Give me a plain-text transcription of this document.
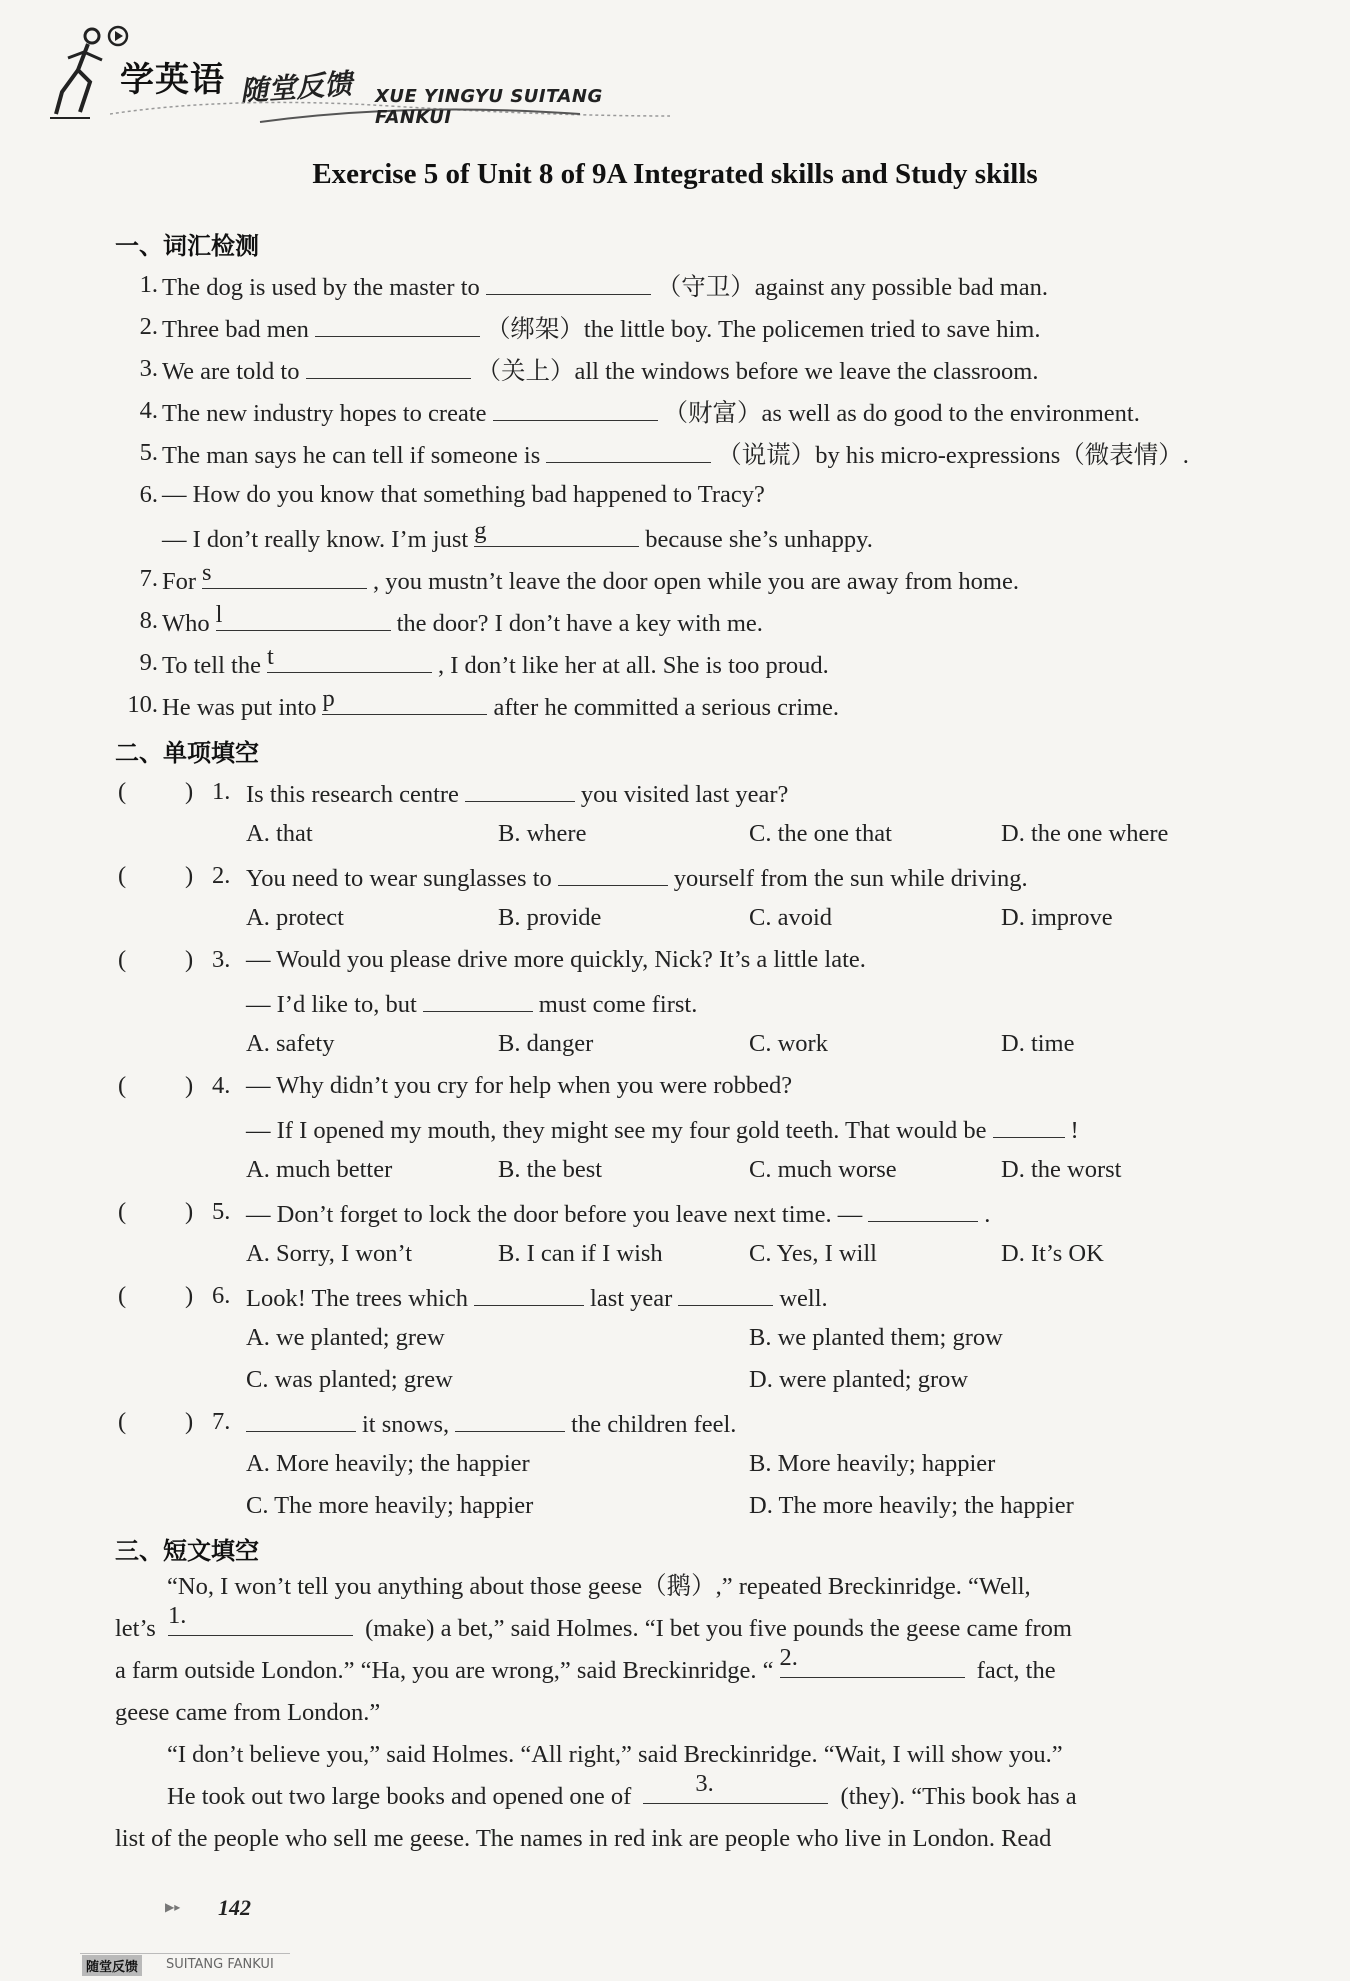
学英语 随堂反馈 XUE YINGYU SUITANG FANKUI
Exercise 5 of Unit 8 of 9A Integrated skills and Study skills
一、词汇检测
1. The dog is used by the master to	（守卫）against any possible bad man.
2. Three bad men	（绑架）the little boy. The policemen tried to save him.
3. We are told to	（关上）all the windows before we leave the classroom.
4. The new industry hopes to create	（财富）as well as do good to the environment.
5. The man says he can tell if someone is	（说谎）by his micro-expressions（微表情）.
6. — How do you know that something bad happened to Tracy?
— I don’t really know. I’m just g	because she’s unhappy.
7. For s	, you mustn’t leave the door open while you are away from home.
8. Who l	the door? I don’t have a key with me.
9. To tell the t	, I don’t like her at all. She is too proud.
10. He was put into p	after he committed a serious crime.
二、单项填空
( ) 1. Is this research centre	you visited last year?
A. that	B. where	C. the one that	D. the one where
( ) 2. You need to wear sunglasses to	yourself from the sun while driving.
A. protect	B. provide	C. avoid	D. improve
( ) 3. — Would you please drive more quickly, Nick? It’s a little late.
— I’d like to, but	must come first.
A. safety	B. danger	C. work	D. time
( ) 4. — Why didn’t you cry for help when you were robbed?
— If I opened my mouth, they might see my four gold teeth. That would be	!
A. much better	B. the best	C. much worse	D. the worst
( ) 5. — Don’t forget to lock the door before you leave next time. —	.
A. Sorry, I won’t	B. I can if I wish	C. Yes, I will	D. It’s OK
( ) 6. Look! The trees which	last year	well.
A. we planted; grew	B. we planted them; grow
C. was planted; grew	D. were planted; grow
( ) 7.	it snows,	the children feel.
A. More heavily; the happier	B. More heavily; happier
C. The more heavily; happier	D. The more heavily; the happier
三、短文填空
“No, I won’t tell you anything about those geese（鹅）,” repeated Breckinridge. “Well,
let’s 1.	(make) a bet,” said Holmes. “I bet you five pounds the geese came from
a farm outside London.” “Ha, you are wrong,” said Breckinridge. “ 2.	fact, the
geese came from London.”
“I don’t believe you,” said Holmes. “All right,” said Breckinridge. “Wait, I will show you.”
He took out two large books and opened one of	3.	(they). “This book has a
list of the people who sell me geese. The names in red ink are people who live in London. Read
▶▸ 142
随堂反馈	SUITANG FANKUI
